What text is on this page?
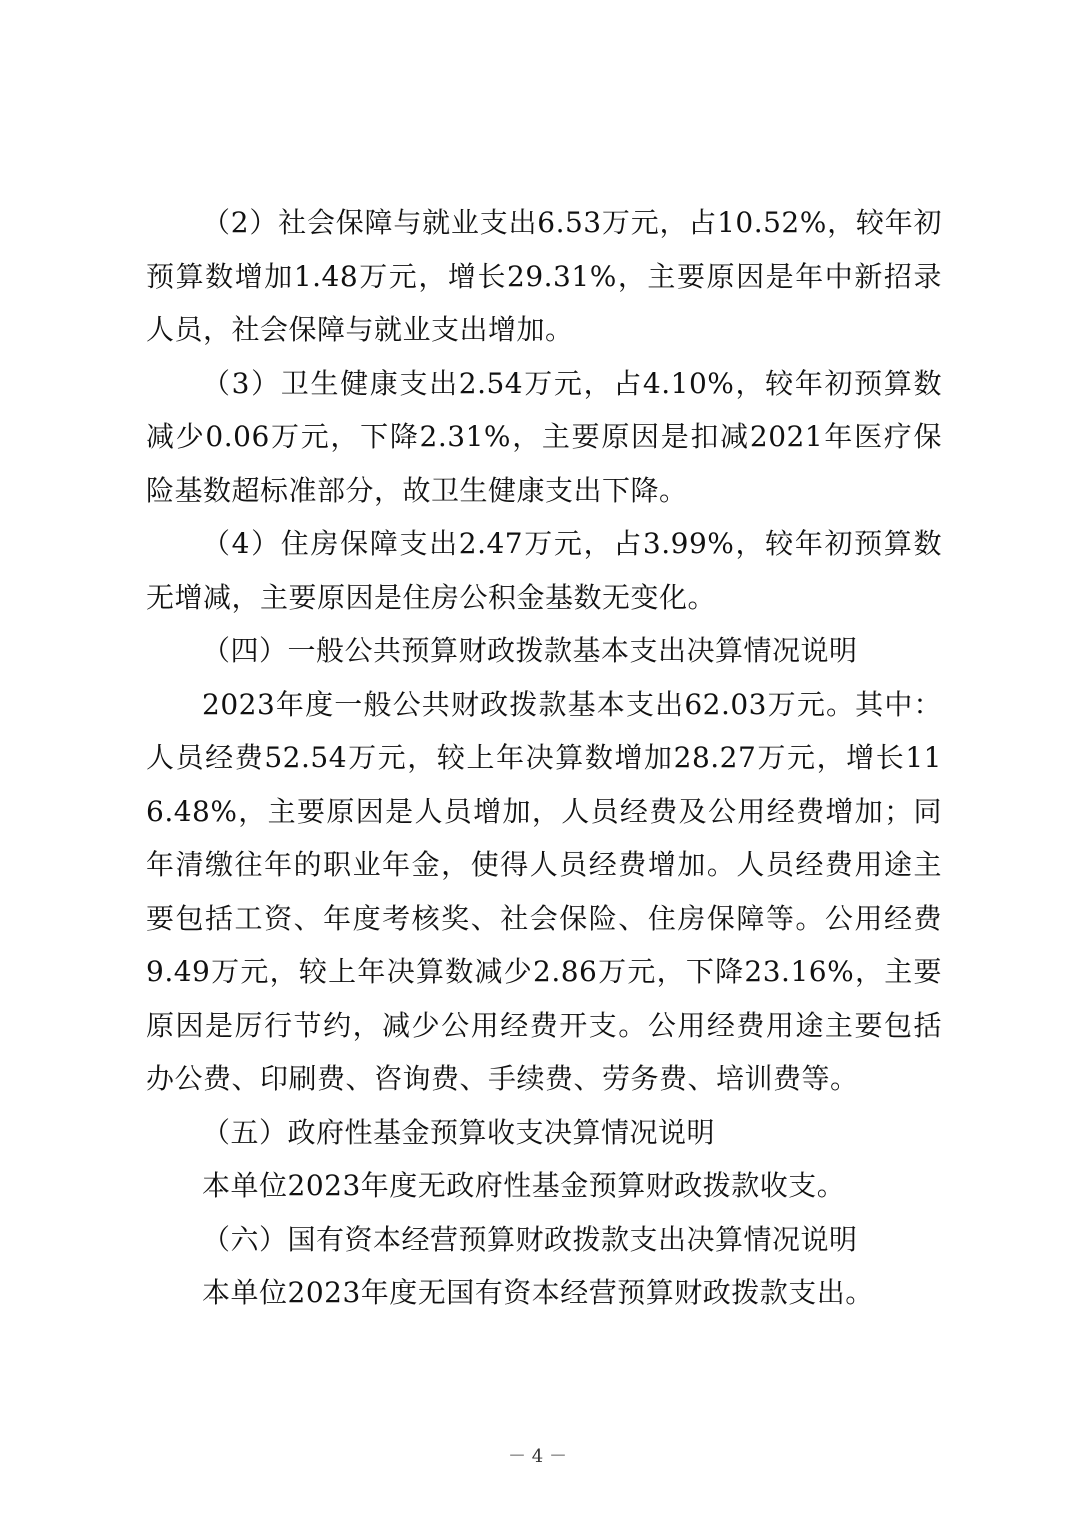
（2）社会保障与就业支出6.53万元，占10.52%，较年初预算数增加1.48万元，增长29.31%，主要原因是年中新招录人员，社会保障与就业支出增加。

（3）卫生健康支出2.54万元，占4.10%，较年初预算数减少0.06万元，下降2.31%，主要原因是扣减2021年医疗保险基数超标准部分，故卫生健康支出下降。

（4）住房保障支出2.47万元，占3.99%，较年初预算数无增减，主要原因是住房公积金基数无变化。

（四）一般公共预算财政拨款基本支出决算情况说明

2023年度一般公共财政拨款基本支出62.03万元。其中：人员经费52.54万元，较上年决算数增加28.27万元，增长116.48%，主要原因是人员增加，人员经费及公用经费增加；同年清缴往年的职业年金，使得人员经费增加。人员经费用途主要包括工资、年度考核奖、社会保险、住房保障等。公用经费9.49万元，较上年决算数减少2.86万元，下降23.16%，主要原因是厉行节约，减少公用经费开支。公用经费用途主要包括办公费、印刷费、咨询费、手续费、劳务费、培训费等。

（五）政府性基金预算收支决算情况说明

本单位2023年度无政府性基金预算财政拨款收支。

（六）国有资本经营预算财政拨款支出决算情况说明

本单位2023年度无国有资本经营预算财政拨款支出。

－ 4 －
